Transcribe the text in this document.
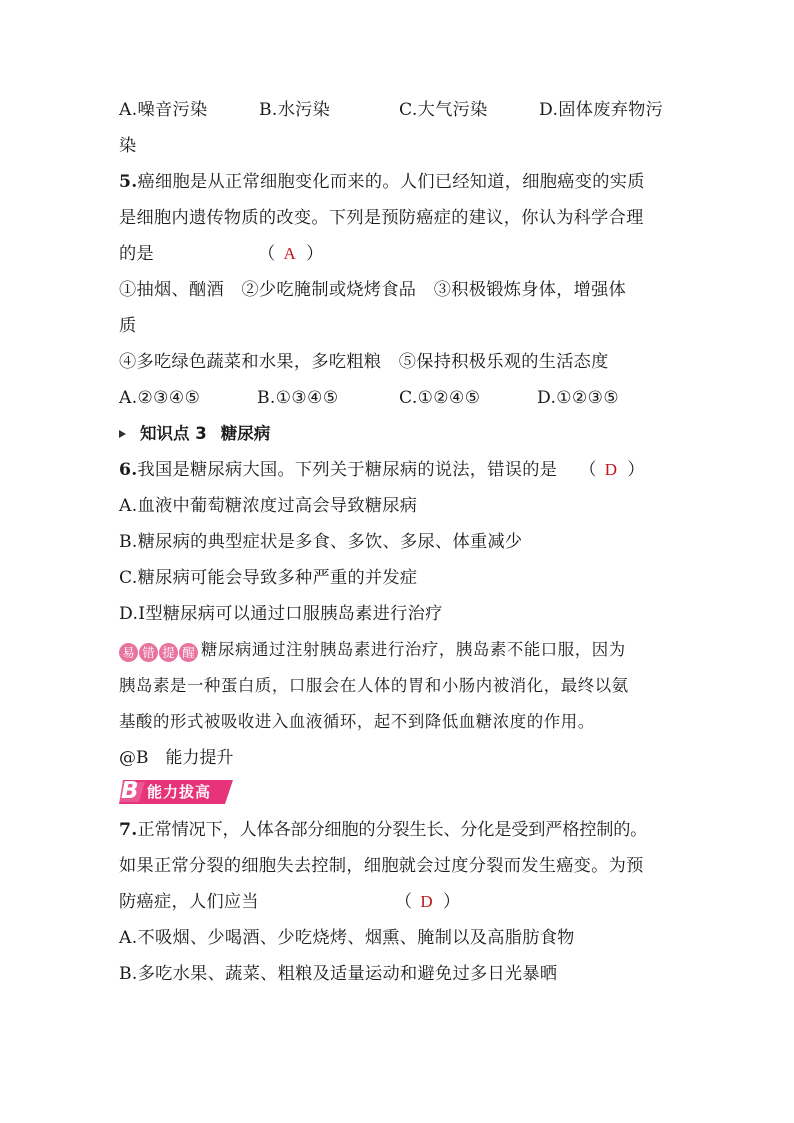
A.噪音污染	B.水污染	C.大气污染	D.固体废弃物污
染
5.癌细胞是从正常细胞变化而来的。人们已经知道，细胞癌变的实质
是细胞内遗传物质的改变。下列是预防癌症的建议，你认为科学合理
的是	（ A ）
①抽烟、酗酒　②少吃腌制或烧烤食品　③积极锻炼身体，增强体
质
④多吃绿色蔬菜和水果，多吃粗粮　⑤保持积极乐观的生活态度
A.②③④⑤	B.①③④⑤	C.①②④⑤	D.①②③⑤
知识点 3 糖尿病
6.我国是糖尿病大国。下列关于糖尿病的说法，错误的是 （ D ）
A.血液中葡萄糖浓度过高会导致糖尿病
B.糖尿病的典型症状是多食、多饮、多尿、体重减少
C.糖尿病可能会导致多种严重的并发症
D.Ⅰ型糖尿病可以通过口服胰岛素进行治疗
易 错 提 醒 糖尿病通过注射胰岛素进行治疗，胰岛素不能口服，因为
胰岛素是一种蛋白质，口服会在人体的胃和小肠内被消化，最终以氨
基酸的形式被吸收进入血液循环，起不到降低血糖浓度的作用。
@B　能力提升
B 能力拔高
7.正常情况下，人体各部分细胞的分裂生长、分化是受到严格控制的。
如果正常分裂的细胞失去控制，细胞就会过度分裂而发生癌变。为预
防癌症，人们应当	（ D ）
A.不吸烟、少喝酒、少吃烧烤、烟熏、腌制以及高脂肪食物
B.多吃水果、蔬菜、粗粮及适量运动和避免过多日光暴晒
